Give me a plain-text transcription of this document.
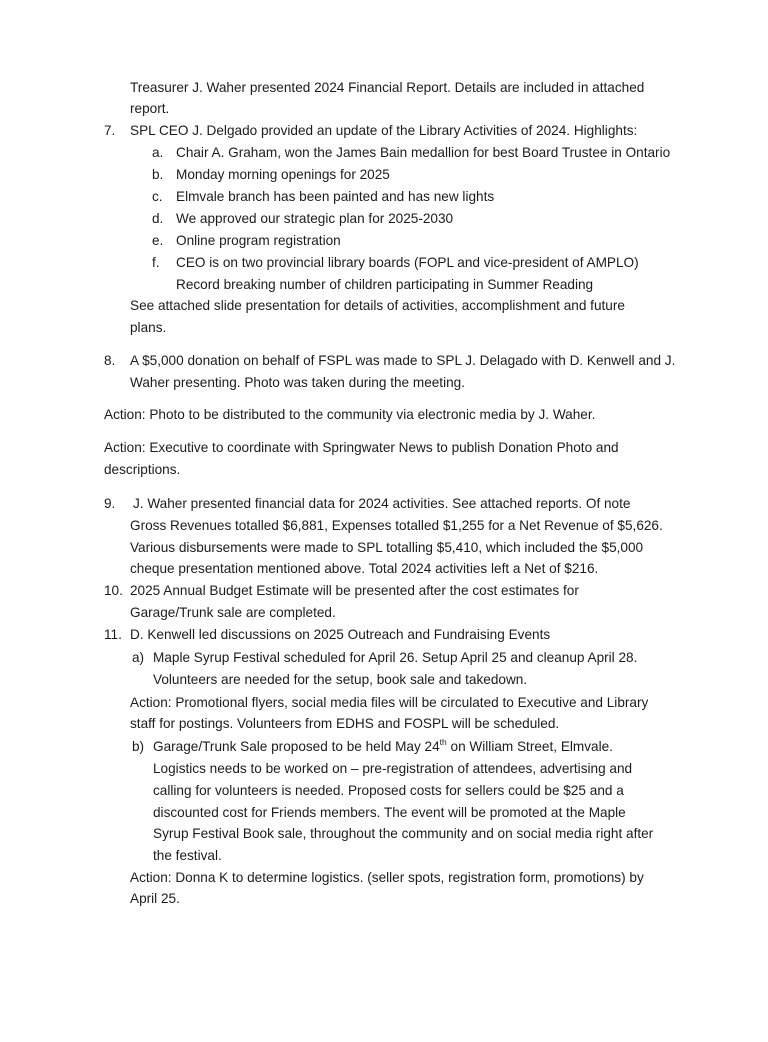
Treasurer J. Waher presented 2024 Financial Report. Details are included in attached
report.
7. SPL CEO J. Delgado provided an update of the Library Activities of 2024. Highlights:
a. Chair A. Graham, won the James Bain medallion for best Board Trustee in Ontario
b. Monday morning openings for 2025
c. Elmvale branch has been painted and has new lights
d. We approved our strategic plan for 2025-2030
e. Online program registration
f. CEO is on two provincial library boards (FOPL and vice-president of AMPLO)
Record breaking number of children participating in Summer Reading
See attached slide presentation for details of activities, accomplishment and future
plans.
8. A $5,000 donation on behalf of FSPL was made to SPL J. Delagado with D. Kenwell and J.
Waher presenting. Photo was taken during the meeting.
Action: Photo to be distributed to the community via electronic media by J. Waher.
Action: Executive to coordinate with Springwater News to publish Donation Photo and
descriptions.
9. J. Waher presented financial data for 2024 activities. See attached reports. Of note
Gross Revenues totalled $6,881, Expenses totalled $1,255 for a Net Revenue of $5,626.
Various disbursements were made to SPL totalling $5,410, which included the $5,000
cheque presentation mentioned above. Total 2024 activities left a Net of $216.
10. 2025 Annual Budget Estimate will be presented after the cost estimates for
Garage/Trunk sale are completed.
11. D. Kenwell led discussions on 2025 Outreach and Fundraising Events
a) Maple Syrup Festival scheduled for April 26. Setup April 25 and cleanup April 28.
Volunteers are needed for the setup, book sale and takedown.
Action: Promotional flyers, social media files will be circulated to Executive and Library
staff for postings. Volunteers from EDHS and FOSPL will be scheduled.
b) Garage/Trunk Sale proposed to be held May 24th on William Street, Elmvale.
Logistics needs to be worked on – pre-registration of attendees, advertising and
calling for volunteers is needed. Proposed costs for sellers could be $25 and a
discounted cost for Friends members. The event will be promoted at the Maple
Syrup Festival Book sale, throughout the community and on social media right after
the festival.
Action: Donna K to determine logistics. (seller spots, registration form, promotions) by
April 25.
